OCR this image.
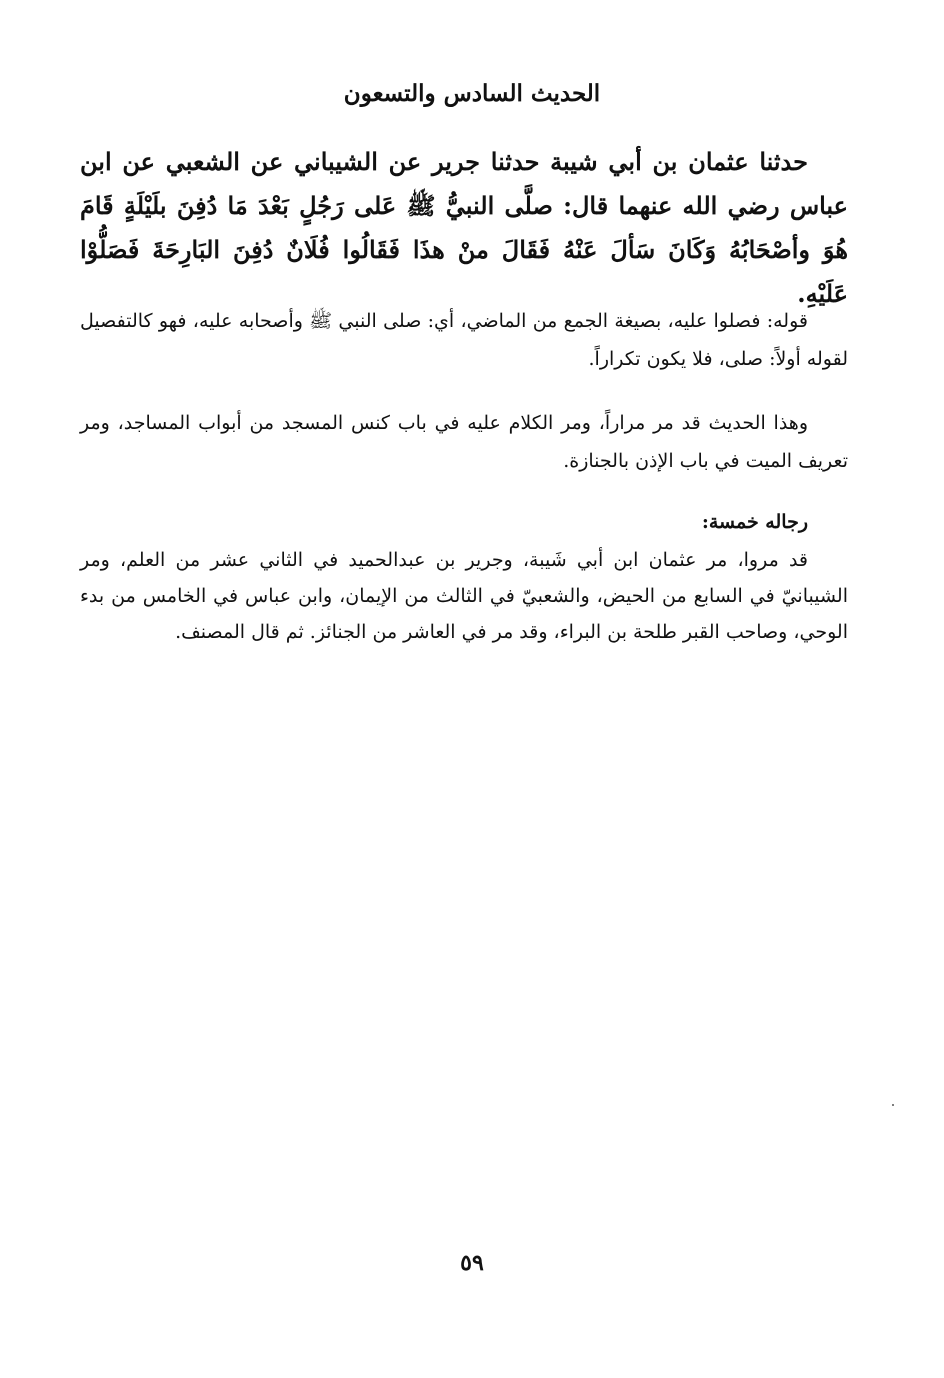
الحديث السادس والتسعون
حدثنا عثمان بن أبي شيبة حدثنا جرير عن الشيباني عن الشعبي عن ابن عباس رضي الله عنهما قال: صلَّى النبيُّ ﷺ عَلى رَجُلٍ بَعْدَ مَا دُفِنَ بلَيْلَةٍ قَامَ هُوَ وأصْحَابُهُ وَكَانَ سَألَ عَنْهُ فَقَالَ منْ هذَا فَقَالُوا فُلَانٌ دُفِنَ البَارِحَةَ فَصَلُّوْا عَلَيْهِ.
قوله: فصلوا عليه، بصيغة الجمع من الماضي، أي: صلى النبي ﷺ وأصحابه عليه، فهو كالتفصيل لقوله أولاً: صلى، فلا يكون تكراراً.
وهذا الحديث قد مر مراراً، ومر الكلام عليه في باب كنس المسجد من أبواب المساجد، ومر تعريف الميت في باب الإذن بالجنازة.
رجاله خمسة:
قد مروا، مر عثمان ابن أبي شَيبة، وجرير بن عبدالحميد في الثاني عشر من العلم، ومر الشيبانيّ في السابع من الحيض، والشعبيّ في الثالث من الإيمان، وابن عباس في الخامس من بدء الوحي، وصاحب القبر طلحة بن البراء، وقد مر في العاشر من الجنائز. ثم قال المصنف.
٥٩
